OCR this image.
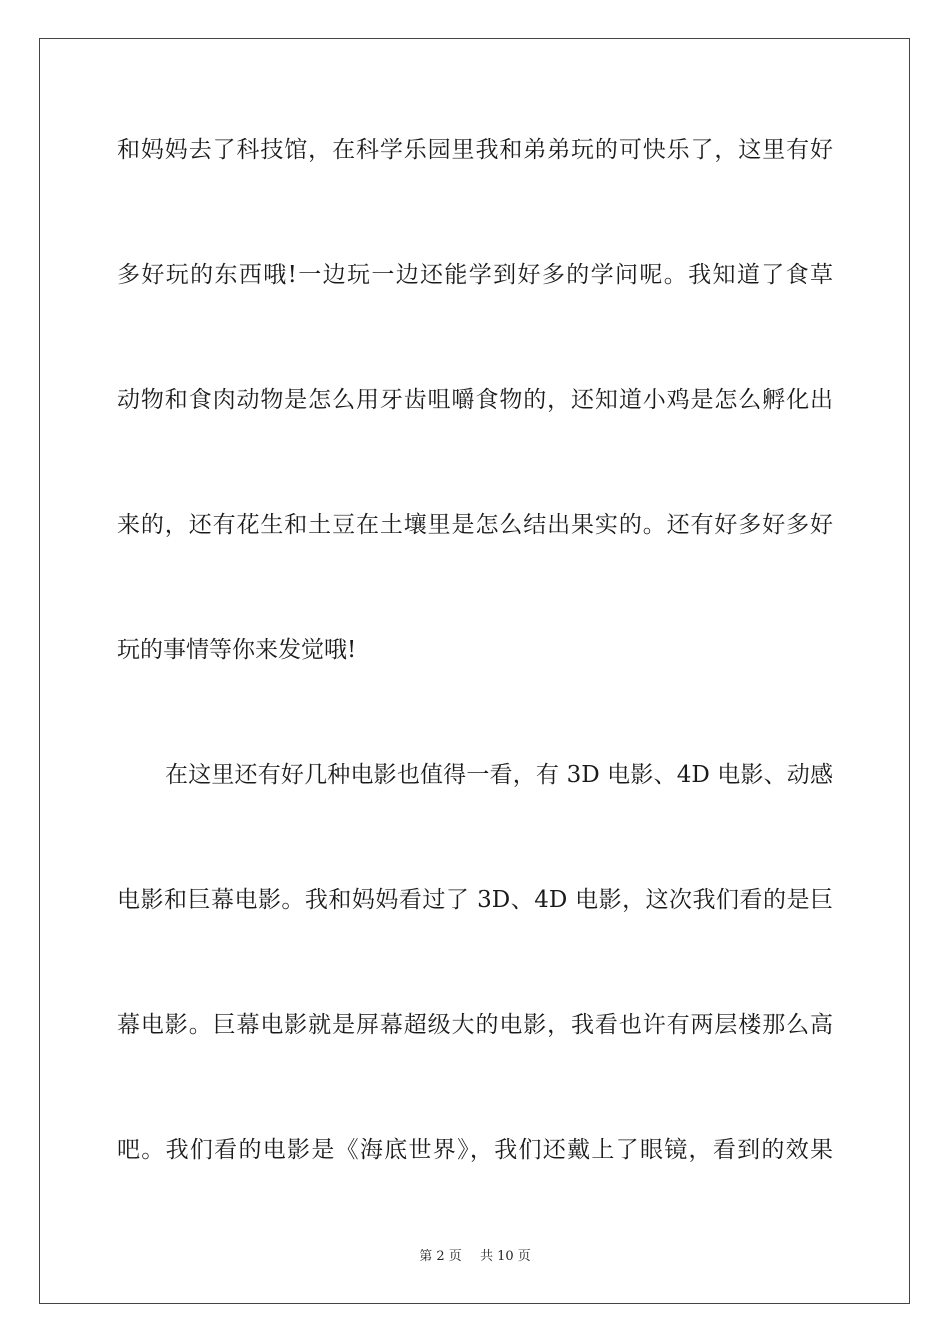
和妈妈去了科技馆，在科学乐园里我和弟弟玩的可快乐了，这里有好
多好玩的东西哦!一边玩一边还能学到好多的学问呢。我知道了食草
动物和食肉动物是怎么用牙齿咀嚼食物的，还知道小鸡是怎么孵化出
来的，还有花生和土豆在土壤里是怎么结出果实的。还有好多好多好
玩的事情等你来发觉哦!
在这里还有好几种电影也值得一看，有 3D 电影、4D 电影、动感
电影和巨幕电影。我和妈妈看过了 3D、4D 电影，这次我们看的是巨
幕电影。巨幕电影就是屏幕超级大的电影，我看也许有两层楼那么高
吧。我们看的电影是《海底世界》，我们还戴上了眼镜，看到的效果
第 2 页 共 10 页
